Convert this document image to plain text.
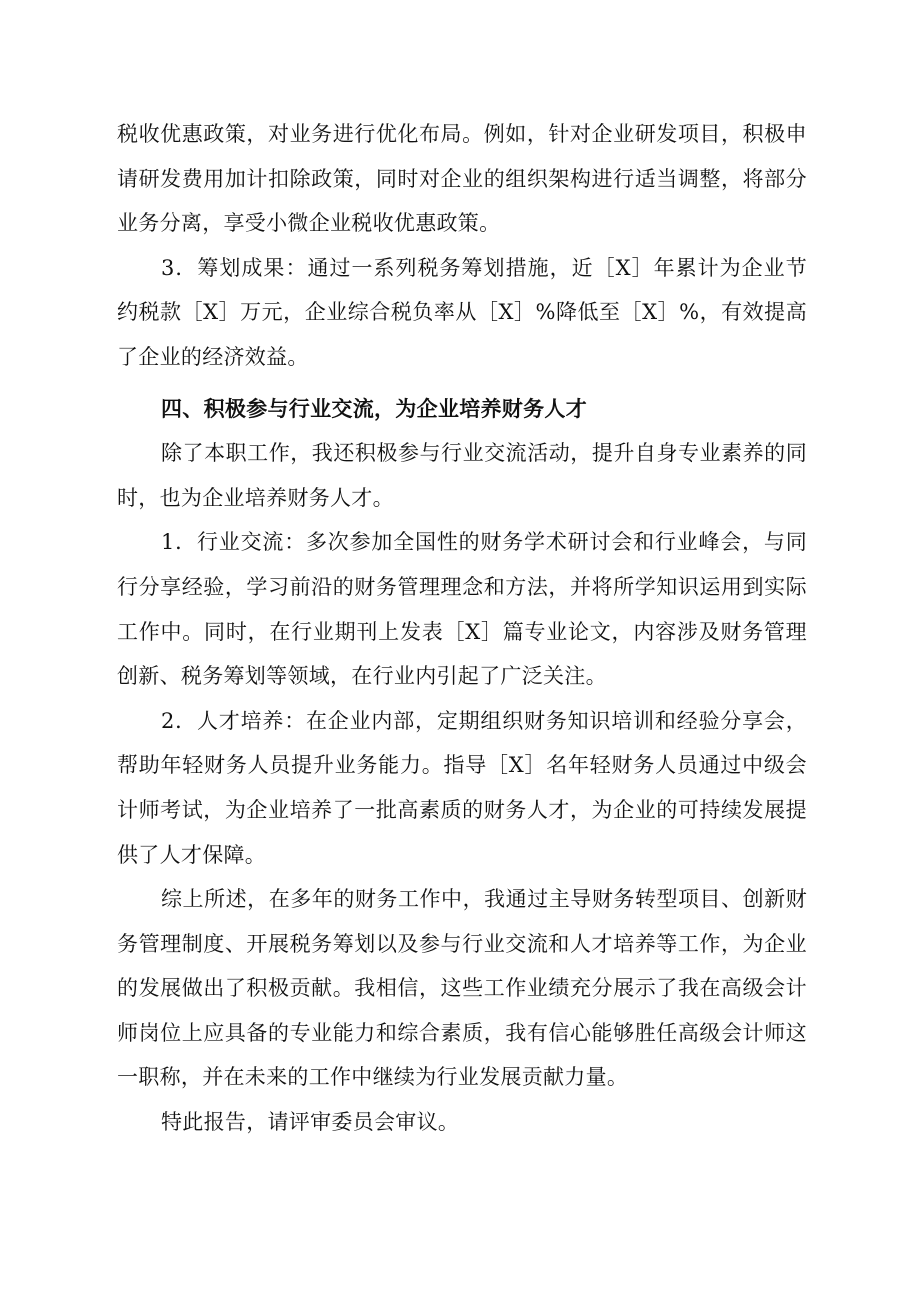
税收优惠政策，对业务进行优化布局。例如，针对企业研发项目，积极申请研发费用加计扣除政策，同时对企业的组织架构进行适当调整，将部分业务分离，享受小微企业税收优惠政策。

3．筹划成果：通过一系列税务筹划措施，近［X］年累计为企业节约税款［X］万元，企业综合税负率从［X］%降低至［X］%，有效提高了企业的经济效益。

四、积极参与行业交流，为企业培养财务人才

除了本职工作，我还积极参与行业交流活动，提升自身专业素养的同时，也为企业培养财务人才。

1．行业交流：多次参加全国性的财务学术研讨会和行业峰会，与同行分享经验，学习前沿的财务管理理念和方法，并将所学知识运用到实际工作中。同时，在行业期刊上发表［X］篇专业论文，内容涉及财务管理创新、税务筹划等领域，在行业内引起了广泛关注。

2．人才培养：在企业内部，定期组织财务知识培训和经验分享会，帮助年轻财务人员提升业务能力。指导［X］名年轻财务人员通过中级会计师考试，为企业培养了一批高素质的财务人才，为企业的可持续发展提供了人才保障。

综上所述，在多年的财务工作中，我通过主导财务转型项目、创新财务管理制度、开展税务筹划以及参与行业交流和人才培养等工作，为企业的发展做出了积极贡献。我相信，这些工作业绩充分展示了我在高级会计师岗位上应具备的专业能力和综合素质，我有信心能够胜任高级会计师这一职称，并在未来的工作中继续为行业发展贡献力量。

特此报告，请评审委员会审议。
